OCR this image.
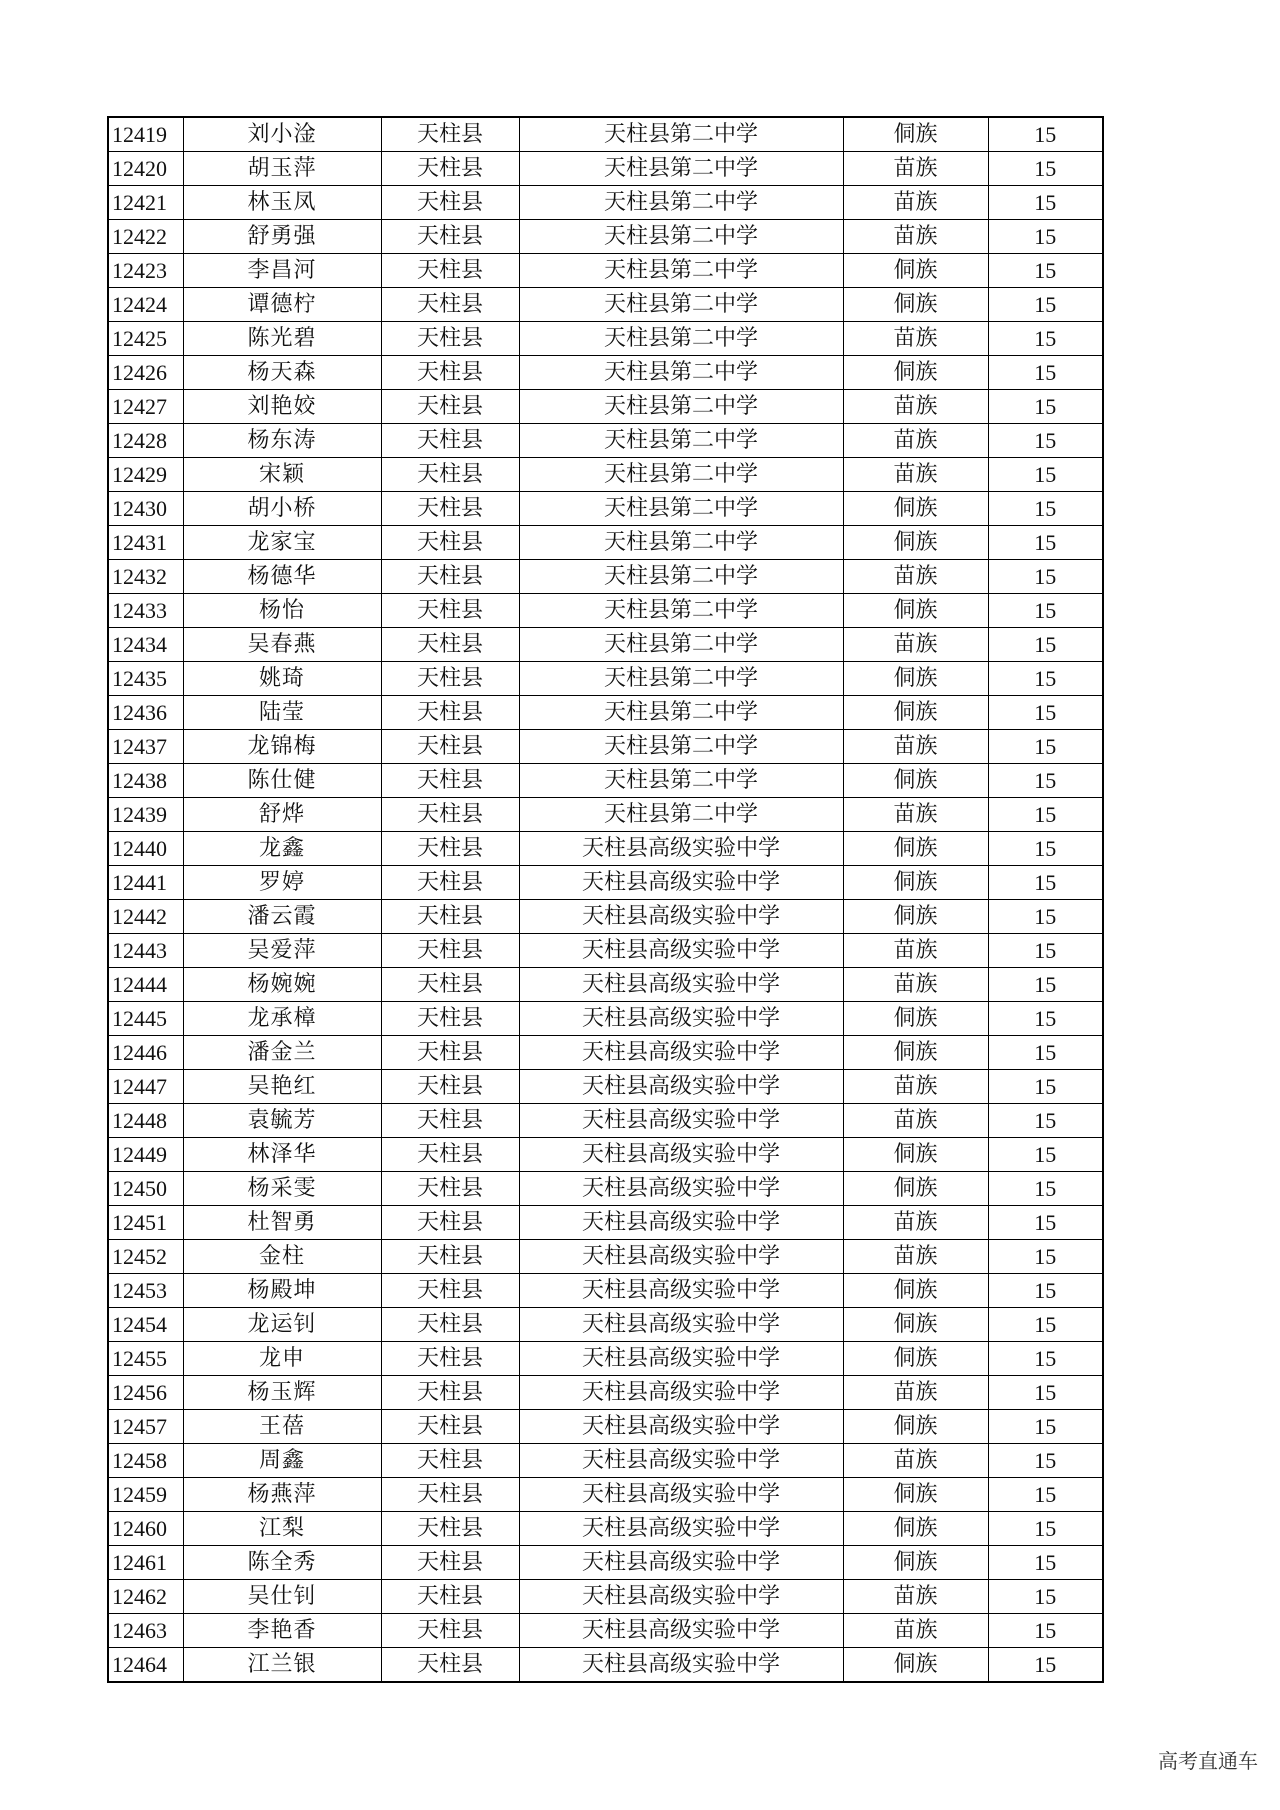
12419	刘小淦	天柱县	天柱县第二中学	侗族	15
12420	胡玉萍	天柱县	天柱县第二中学	苗族	15
12421	林玉凤	天柱县	天柱县第二中学	苗族	15
12422	舒勇强	天柱县	天柱县第二中学	苗族	15
12423	李昌河	天柱县	天柱县第二中学	侗族	15
12424	谭德柠	天柱县	天柱县第二中学	侗族	15
12425	陈光碧	天柱县	天柱县第二中学	苗族	15
12426	杨天森	天柱县	天柱县第二中学	侗族	15
12427	刘艳姣	天柱县	天柱县第二中学	苗族	15
12428	杨东涛	天柱县	天柱县第二中学	苗族	15
12429	宋颖	天柱县	天柱县第二中学	苗族	15
12430	胡小桥	天柱县	天柱县第二中学	侗族	15
12431	龙家宝	天柱县	天柱县第二中学	侗族	15
12432	杨德华	天柱县	天柱县第二中学	苗族	15
12433	杨怡	天柱县	天柱县第二中学	侗族	15
12434	吴春燕	天柱县	天柱县第二中学	苗族	15
12435	姚琦	天柱县	天柱县第二中学	侗族	15
12436	陆莹	天柱县	天柱县第二中学	侗族	15
12437	龙锦梅	天柱县	天柱县第二中学	苗族	15
12438	陈仕健	天柱县	天柱县第二中学	侗族	15
12439	舒烨	天柱县	天柱县第二中学	苗族	15
12440	龙鑫	天柱县	天柱县高级实验中学	侗族	15
12441	罗婷	天柱县	天柱县高级实验中学	侗族	15
12442	潘云霞	天柱县	天柱县高级实验中学	侗族	15
12443	吴爱萍	天柱县	天柱县高级实验中学	苗族	15
12444	杨婉婉	天柱县	天柱县高级实验中学	苗族	15
12445	龙承樟	天柱县	天柱县高级实验中学	侗族	15
12446	潘金兰	天柱县	天柱县高级实验中学	侗族	15
12447	吴艳红	天柱县	天柱县高级实验中学	苗族	15
12448	袁毓芳	天柱县	天柱县高级实验中学	苗族	15
12449	林泽华	天柱县	天柱县高级实验中学	侗族	15
12450	杨采雯	天柱县	天柱县高级实验中学	侗族	15
12451	杜智勇	天柱县	天柱县高级实验中学	苗族	15
12452	金柱	天柱县	天柱县高级实验中学	苗族	15
12453	杨殿坤	天柱县	天柱县高级实验中学	侗族	15
12454	龙运钊	天柱县	天柱县高级实验中学	侗族	15
12455	龙申	天柱县	天柱县高级实验中学	侗族	15
12456	杨玉辉	天柱县	天柱县高级实验中学	苗族	15
12457	王蓓	天柱县	天柱县高级实验中学	侗族	15
12458	周鑫	天柱县	天柱县高级实验中学	苗族	15
12459	杨燕萍	天柱县	天柱县高级实验中学	侗族	15
12460	江梨	天柱县	天柱县高级实验中学	侗族	15
12461	陈全秀	天柱县	天柱县高级实验中学	侗族	15
12462	吴仕钊	天柱县	天柱县高级实验中学	苗族	15
12463	李艳香	天柱县	天柱县高级实验中学	苗族	15
12464	江兰银	天柱县	天柱县高级实验中学	侗族	15
高考直通车
